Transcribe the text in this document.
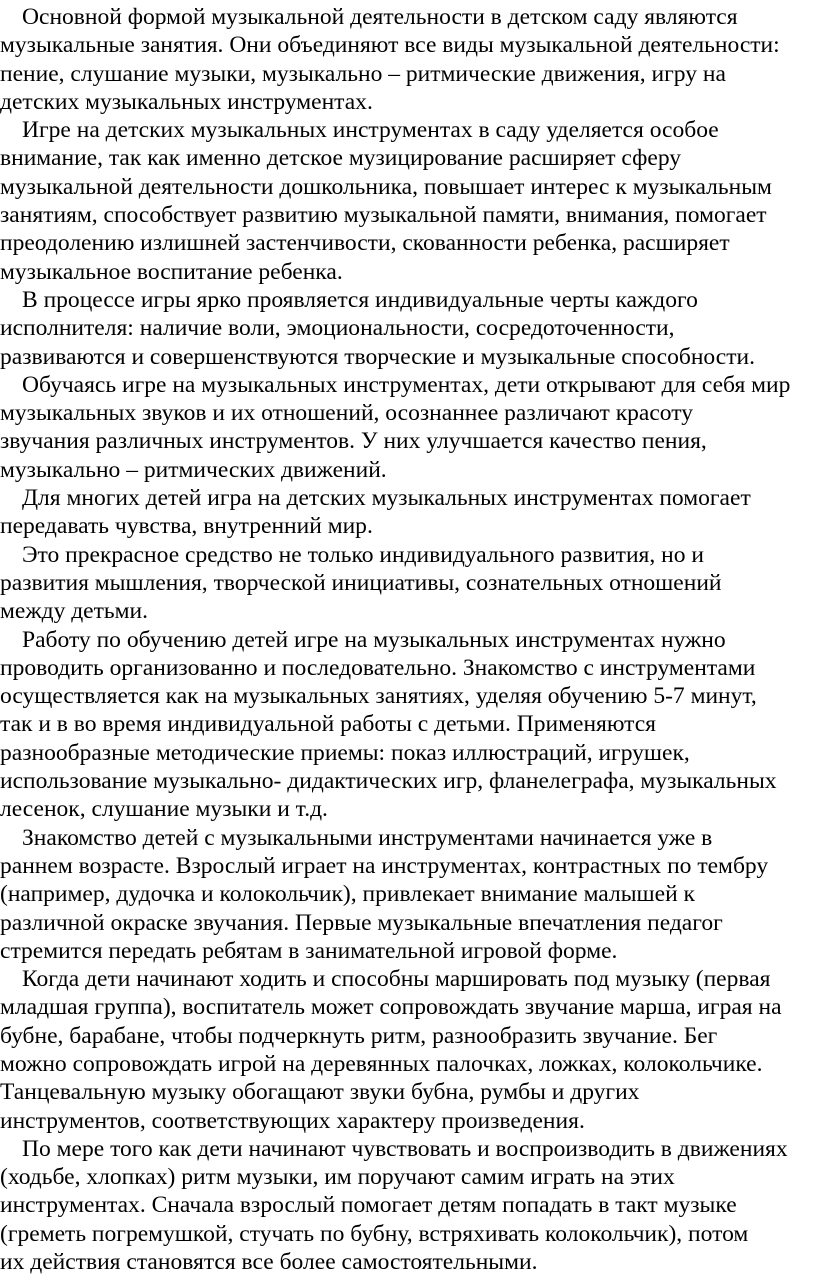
Основной формой музыкальной деятельности в детском саду являются
музыкальные занятия. Они объединяют все виды музыкальной деятельности:
пение, слушание музыки, музыкально – ритмические движения, игру на
детских музыкальных инструментах.

Игре на детских музыкальных инструментах в саду уделяется особое
внимание, так как именно детское музицирование расширяет сферу
музыкальной деятельности дошкольника, повышает интерес к музыкальным
занятиям, способствует развитию музыкальной памяти, внимания, помогает
преодолению излишней застенчивости, скованности ребенка, расширяет
музыкальное воспитание ребенка.

В процессе игры ярко проявляется индивидуальные черты каждого
исполнителя: наличие воли, эмоциональности, сосредоточенности,
развиваются и совершенствуются творческие и музыкальные способности.

Обучаясь игре на музыкальных инструментах, дети открывают для себя мир
музыкальных звуков и их отношений, осознаннее различают красоту
звучания различных инструментов. У них улучшается качество пения,
музыкально – ритмических движений.

Для многих детей игра на детских музыкальных инструментах помогает
передавать чувства, внутренний мир.

Это прекрасное средство не только индивидуального развития, но и
развития мышления, творческой инициативы, сознательных отношений
между детьми.

Работу по обучению детей игре на музыкальных инструментах нужно
проводить организованно и последовательно. Знакомство с инструментами
осуществляется как на музыкальных занятиях, уделяя обучению 5-7 минут,
так и в во время индивидуальной работы с детьми. Применяются
разнообразные методические приемы: показ иллюстраций, игрушек,
использование музыкально- дидактических игр, фланелеграфа, музыкальных
лесенок, слушание музыки и т.д.

Знакомство детей с музыкальными инструментами начинается уже в
раннем возрасте. Взрослый играет на инструментах, контрастных по тембру
(например, дудочка и колокольчик), привлекает внимание малышей к
различной окраске звучания. Первые музыкальные впечатления педагог
стремится передать ребятам в занимательной игровой форме.

Когда дети начинают ходить и способны маршировать под музыку (первая
младшая группа), воспитатель может сопровождать звучание марша, играя на
бубне, барабане, чтобы подчеркнуть ритм, разнообразить звучание. Бег
можно сопровождать игрой на деревянных палочках, ложках, колокольчике.
Танцевальную музыку обогащают звуки бубна, румбы и других
инструментов, соответствующих характеру произведения.

По мере того как дети начинают чувствовать и воспроизводить в движениях
(ходьбе, хлопках) ритм музыки, им поручают самим играть на этих
инструментах. Сначала взрослый помогает детям попадать в такт музыке
(греметь погремушкой, стучать по бубну, встряхивать колокольчик), потом
их действия становятся все более самостоятельными.
